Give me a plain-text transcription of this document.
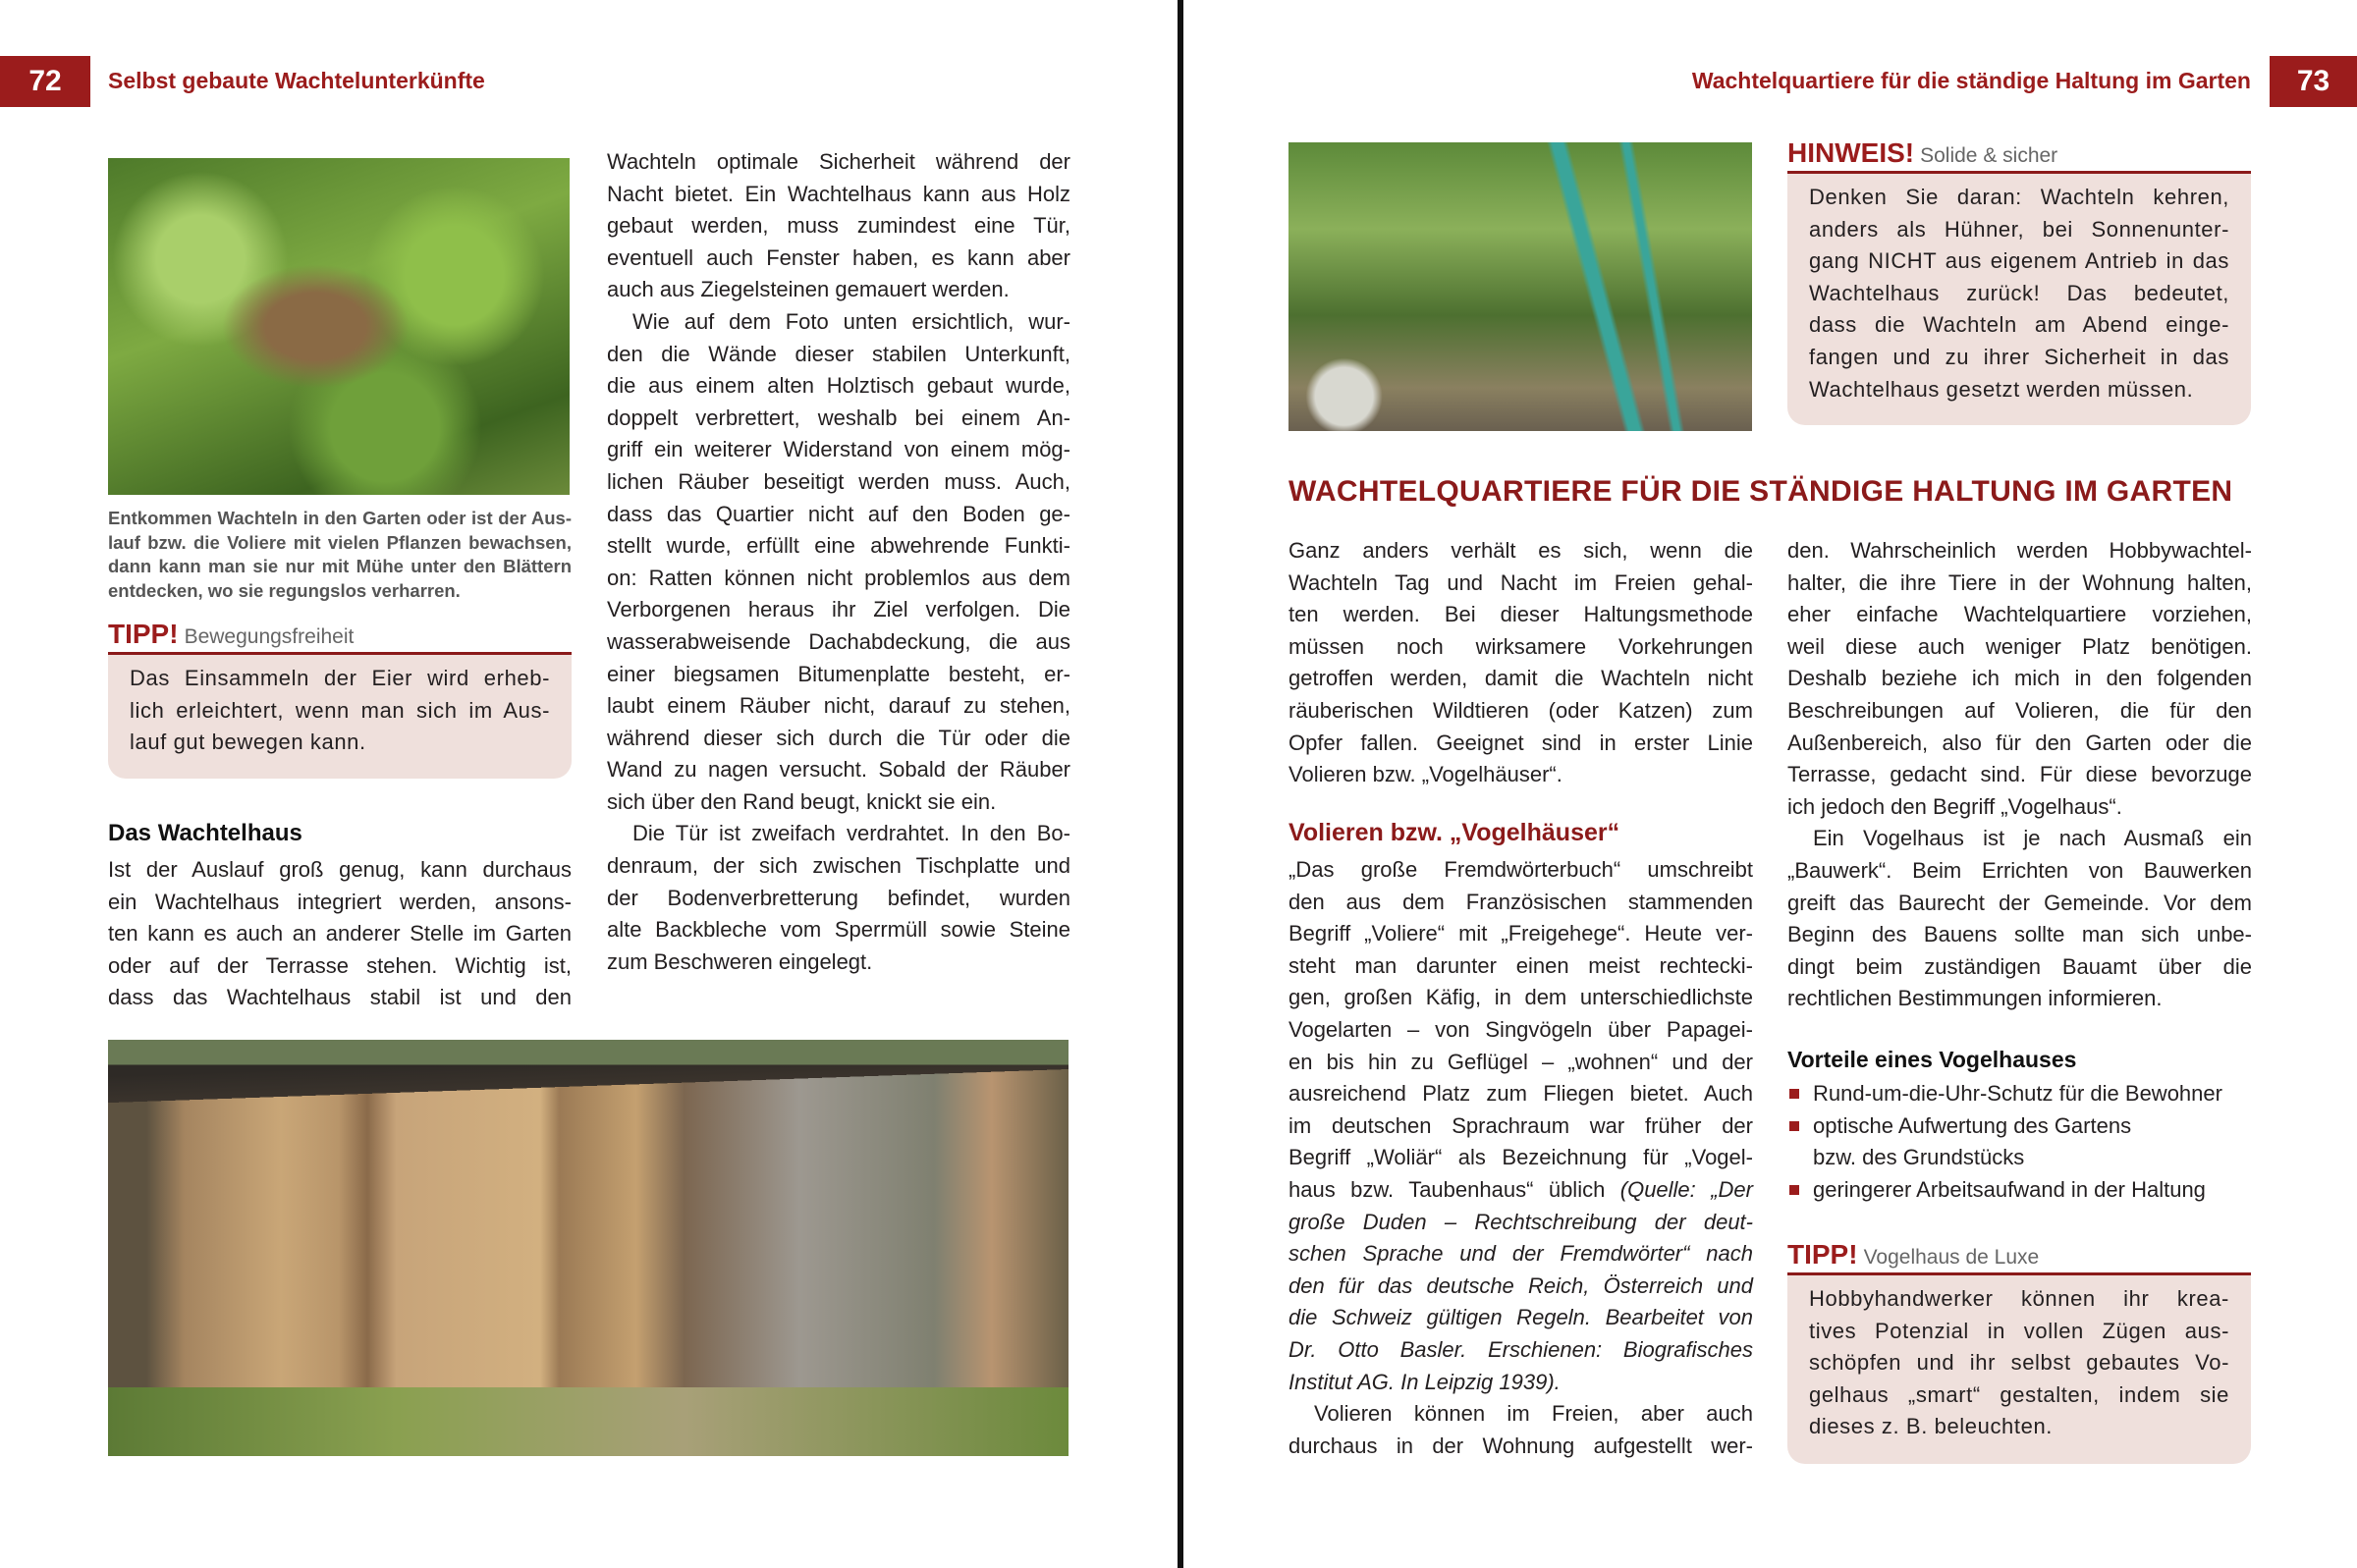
72	Selbst gebaute Wachtelunterkünfte
Entkommen Wachteln in den Garten oder ist der Aus-
lauf bzw. die Voliere mit vielen Pflanzen bewachsen,
dann kann man sie nur mit Mühe unter den Blättern
entdecken, wo sie regungslos verharren.
TIPP! Bewegungsfreiheit
Das Einsammeln der Eier wird erheb-
lich erleichtert, wenn man sich im Aus-
lauf gut bewegen kann.
Das Wachtelhaus
Ist der Auslauf groß genug, kann durchaus
ein Wachtelhaus integriert werden, ansons-
ten kann es auch an anderer Stelle im Garten
oder auf der Terrasse stehen. Wichtig ist,
dass das Wachtelhaus stabil ist und den
Wachteln optimale Sicherheit während der
Nacht bietet. Ein Wachtelhaus kann aus Holz
gebaut werden, muss zumindest eine Tür,
eventuell auch Fenster haben, es kann aber
auch aus Ziegelsteinen gemauert werden.
Wie auf dem Foto unten ersichtlich, wur-
den die Wände dieser stabilen Unterkunft,
die aus einem alten Holztisch gebaut wurde,
doppelt verbrettert, weshalb bei einem An-
griff ein weiterer Widerstand von einem mög-
lichen Räuber beseitigt werden muss. Auch,
dass das Quartier nicht auf den Boden ge-
stellt wurde, erfüllt eine abwehrende Funkti-
on: Ratten können nicht problemlos aus dem
Verborgenen heraus ihr Ziel verfolgen. Die
wasserabweisende Dachabdeckung, die aus
einer biegsamen Bitumenplatte besteht, er-
laubt einem Räuber nicht, darauf zu stehen,
während dieser sich durch die Tür oder die
Wand zu nagen versucht. Sobald der Räuber
sich über den Rand beugt, knickt sie ein.
Die Tür ist zweifach verdrahtet. In den Bo-
denraum, der sich zwischen Tischplatte und
der Bodenverbretterung befindet, wurden
alte Backbleche vom Sperrmüll sowie Steine
zum Beschweren eingelegt.
Wachtelquartiere für die ständige Haltung im Garten	73
HINWEIS! Solide & sicher
Denken Sie daran: Wachteln kehren,
anders als Hühner, bei Sonnenunter-
gang NICHT aus eigenem Antrieb in das
Wachtelhaus zurück! Das bedeutet,
dass die Wachteln am Abend einge-
fangen und zu ihrer Sicherheit in das
Wachtelhaus gesetzt werden müssen.
WACHTELQUARTIERE FÜR DIE STÄNDIGE HALTUNG IM GARTEN
Ganz anders verhält es sich, wenn die
Wachteln Tag und Nacht im Freien gehal-
ten werden. Bei dieser Haltungsmethode
müssen noch wirksamere Vorkehrungen
getroffen werden, damit die Wachteln nicht
räuberischen Wildtieren (oder Katzen) zum
Opfer fallen. Geeignet sind in erster Linie
Volieren bzw. „Vogelhäuser“.
Volieren bzw. „Vogelhäuser“
„Das große Fremdwörterbuch“ umschreibt
den aus dem Französischen stammenden
Begriff „Voliere“ mit „Freigehege“. Heute ver-
steht man darunter einen meist rechtecki-
gen, großen Käfig, in dem unterschiedlichste
Vogelarten – von Singvögeln über Papagei-
en bis hin zu Geflügel – „wohnen“ und der
ausreichend Platz zum Fliegen bietet. Auch
im deutschen Sprachraum war früher der
Begriff „Woliär“ als Bezeichnung für „Vogel-
haus bzw. Taubenhaus“ üblich (Quelle: „Der
große Duden – Rechtschreibung der deut-
schen Sprache und der Fremdwörter“ nach
den für das deutsche Reich, Österreich und
die Schweiz gültigen Regeln. Bearbeitet von
Dr. Otto Basler. Erschienen: Biografisches
Institut AG. In Leipzig 1939).
Volieren können im Freien, aber auch
durchaus in der Wohnung aufgestellt wer-
den. Wahrscheinlich werden Hobbywachtel-
halter, die ihre Tiere in der Wohnung halten,
eher einfache Wachtelquartiere vorziehen,
weil diese auch weniger Platz benötigen.
Deshalb beziehe ich mich in den folgenden
Beschreibungen auf Volieren, die für den
Außenbereich, also für den Garten oder die
Terrasse, gedacht sind. Für diese bevorzuge
ich jedoch den Begriff „Vogelhaus“.
Ein Vogelhaus ist je nach Ausmaß ein
„Bauwerk“. Beim Errichten von Bauwerken
greift das Baurecht der Gemeinde. Vor dem
Beginn des Bauens sollte man sich unbe-
dingt beim zuständigen Bauamt über die
rechtlichen Bestimmungen informieren.
Vorteile eines Vogelhauses
Rund-um-die-Uhr-Schutz für die Bewohner
optische Aufwertung des Gartens bzw. des Grundstücks
geringerer Arbeitsaufwand in der Haltung
TIPP! Vogelhaus de Luxe
Hobbyhandwerker können ihr krea-
tives Potenzial in vollen Zügen aus-
schöpfen und ihr selbst gebautes Vo-
gelhaus „smart“ gestalten, indem sie
dieses z. B. beleuchten.
